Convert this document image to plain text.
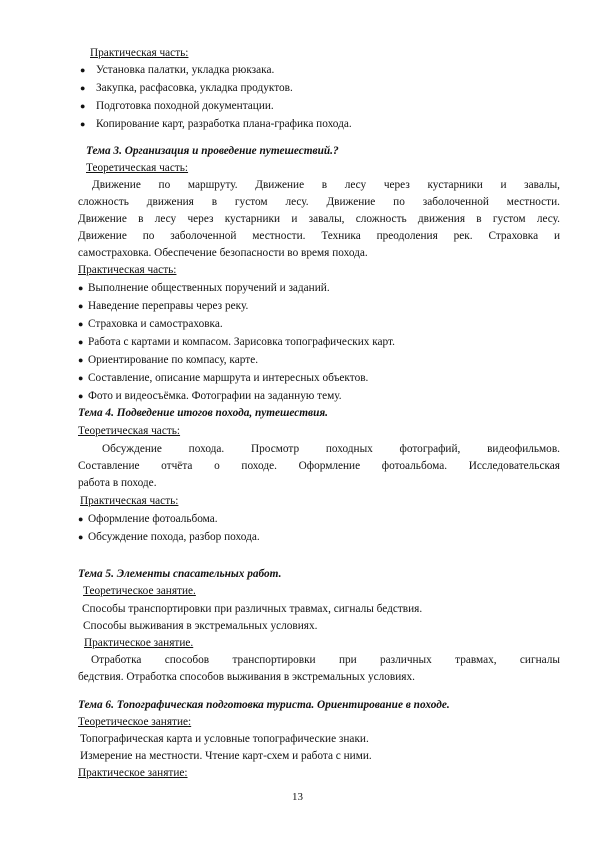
Практическая часть:
● Установка палатки, укладка рюкзака.
● Закупка, расфасовка, укладка продуктов.
● Подготовка походной документации.
● Копирование карт, разработка плана-графика похода.
Тема 3. Организация и проведение путешествий.?
Теоретическая часть:
Движение по маршруту. Движение в лесу через кустарники и завалы,
сложность движения в густом лесу. Движение по заболоченной местности.
Движение в лесу через кустарники и завалы, сложность движения в густом лесу.
Движение по заболоченной местности. Техника преодоления рек. Страховка и
самостраховка. Обеспечение безопасности во время похода.
Практическая часть:
● Выполнение общественных поручений и заданий.
● Наведение переправы через реку.
● Страховка и самостраховка.
● Работа с картами и компасом. Зарисовка топографических карт.
● Ориентирование по компасу, карте.
● Составление, описание маршрута и интересных объектов.
● Фото и видеосъёмка. Фотографии на заданную тему.
Тема 4. Подведение итогов похода, путешествия.
Теоретическая часть:
Обсуждение похода. Просмотр походных фотографий, видеофильмов.
Составление отчёта о походе. Оформление фотоальбома. Исследовательская
работа в походе.
Практическая часть:
● Оформление фотоальбома.
● Обсуждение похода, разбор похода.
Тема 5. Элементы спасательных работ.
Теоретическое занятие.
Способы транспортировки при различных травмах, сигналы бедствия.
Способы выживания в экстремальных условиях.
Практическое занятие.
Отработка способов транспортировки при различных травмах, сигналы
бедствия. Отработка способов выживания в экстремальных условиях.
Тема 6. Топографическая подготовка туриста. Ориентирование в походе.
Теоретическое занятие:
Топографическая карта и условные топографические знаки.
Измерение на местности. Чтение карт-схем и работа с ними.
Практическое занятие:
13
